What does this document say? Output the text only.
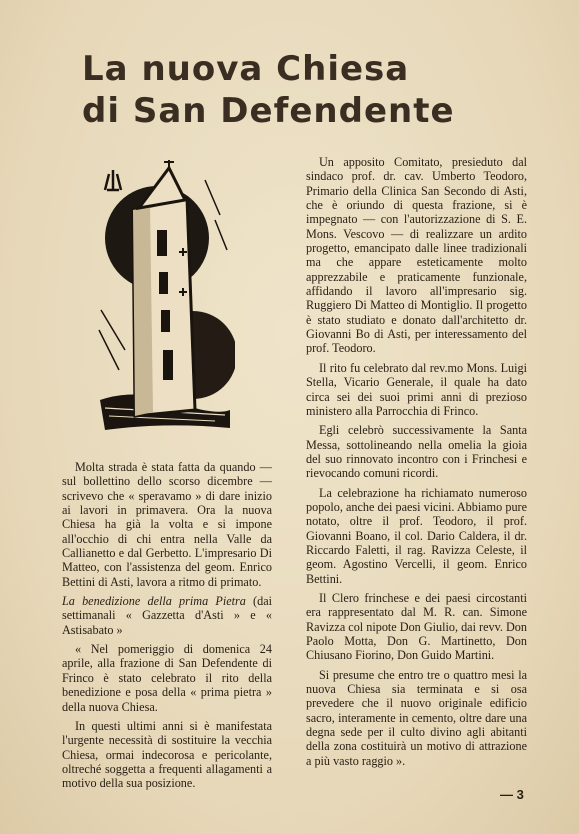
La nuova Chiesa
di San Defendente

Molta strada è stata fatta da quando — sul bollettino dello scorso dicembre — scrivevo che « speravamo » di dare inizio ai lavori in primavera. Ora la nuova Chiesa ha già la volta e si impone all'occhio di chi entra nella Valle da Callianetto e dal Gerbetto. L'impresario Di Matteo, con l'assistenza del geom. Enrico Bettini di Asti, lavora a ritmo di primato.

La benedizione della prima Pietra (dai settimanali « Gazzetta d'Asti » e « Astisabato »

« Nel pomeriggio di domenica 24 aprile, alla frazione di San Defendente di Frinco è stato celebrato il rito della benedizione e posa della « prima pietra » della nuova Chiesa.

In questi ultimi anni si è manifestata l'urgente necessità di sostituire la vecchia Chiesa, ormai indecorosa e pericolante, oltreché soggetta a frequenti allagamenti a motivo della sua posizione.

Un apposito Comitato, presieduto dal sindaco prof. dr. cav. Umberto Teodoro, Primario della Clinica San Secondo di Asti, che è oriundo di questa frazione, si è impegnato — con l'autorizzazione di S. E. Mons. Vescovo — di realizzare un ardito progetto, emancipato dalle linee tradizionali ma che appare esteticamente molto apprezzabile e praticamente funzionale, affidando il lavoro all'impresario sig. Ruggiero Di Matteo di Montiglio. Il progetto è stato studiato e donato dall'architetto dr. Giovanni Bo di Asti, per interessamento del prof. Teodoro.

Il rito fu celebrato dal rev.mo Mons. Luigi Stella, Vicario Generale, il quale ha dato circa sei dei suoi primi anni di prezioso ministero alla Parrocchia di Frinco.

Egli celebrò successivamente la Santa Messa, sottolineando nella omelia la gioia del suo rinnovato incontro con i Frinchesi e rievocando comuni ricordi.

La celebrazione ha richiamato numeroso popolo, anche dei paesi vicini. Abbiamo pure notato, oltre il prof. Teodoro, il prof. Giovanni Boano, il col. Dario Caldera, il dr. Riccardo Faletti, il rag. Ravizza Celeste, il geom. Agostino Vercelli, il geom. Enrico Bettini.

Il Clero frinchese e dei paesi circostanti era rappresentato dal M. R. can. Simone Ravizza col nipote Don Giulio, dai revv. Don Paolo Motta, Don G. Martinetto, Don Chiusano Fiorino, Don Guido Martini.

Si presume che entro tre o quattro mesi la nuova Chiesa sia terminata e si osa prevedere che il nuovo originale edificio sacro, interamente in cemento, oltre dare una degna sede per il culto divino agli abitanti della zona costituirà un motivo di attrazione a più vasto raggio ».

— 3
